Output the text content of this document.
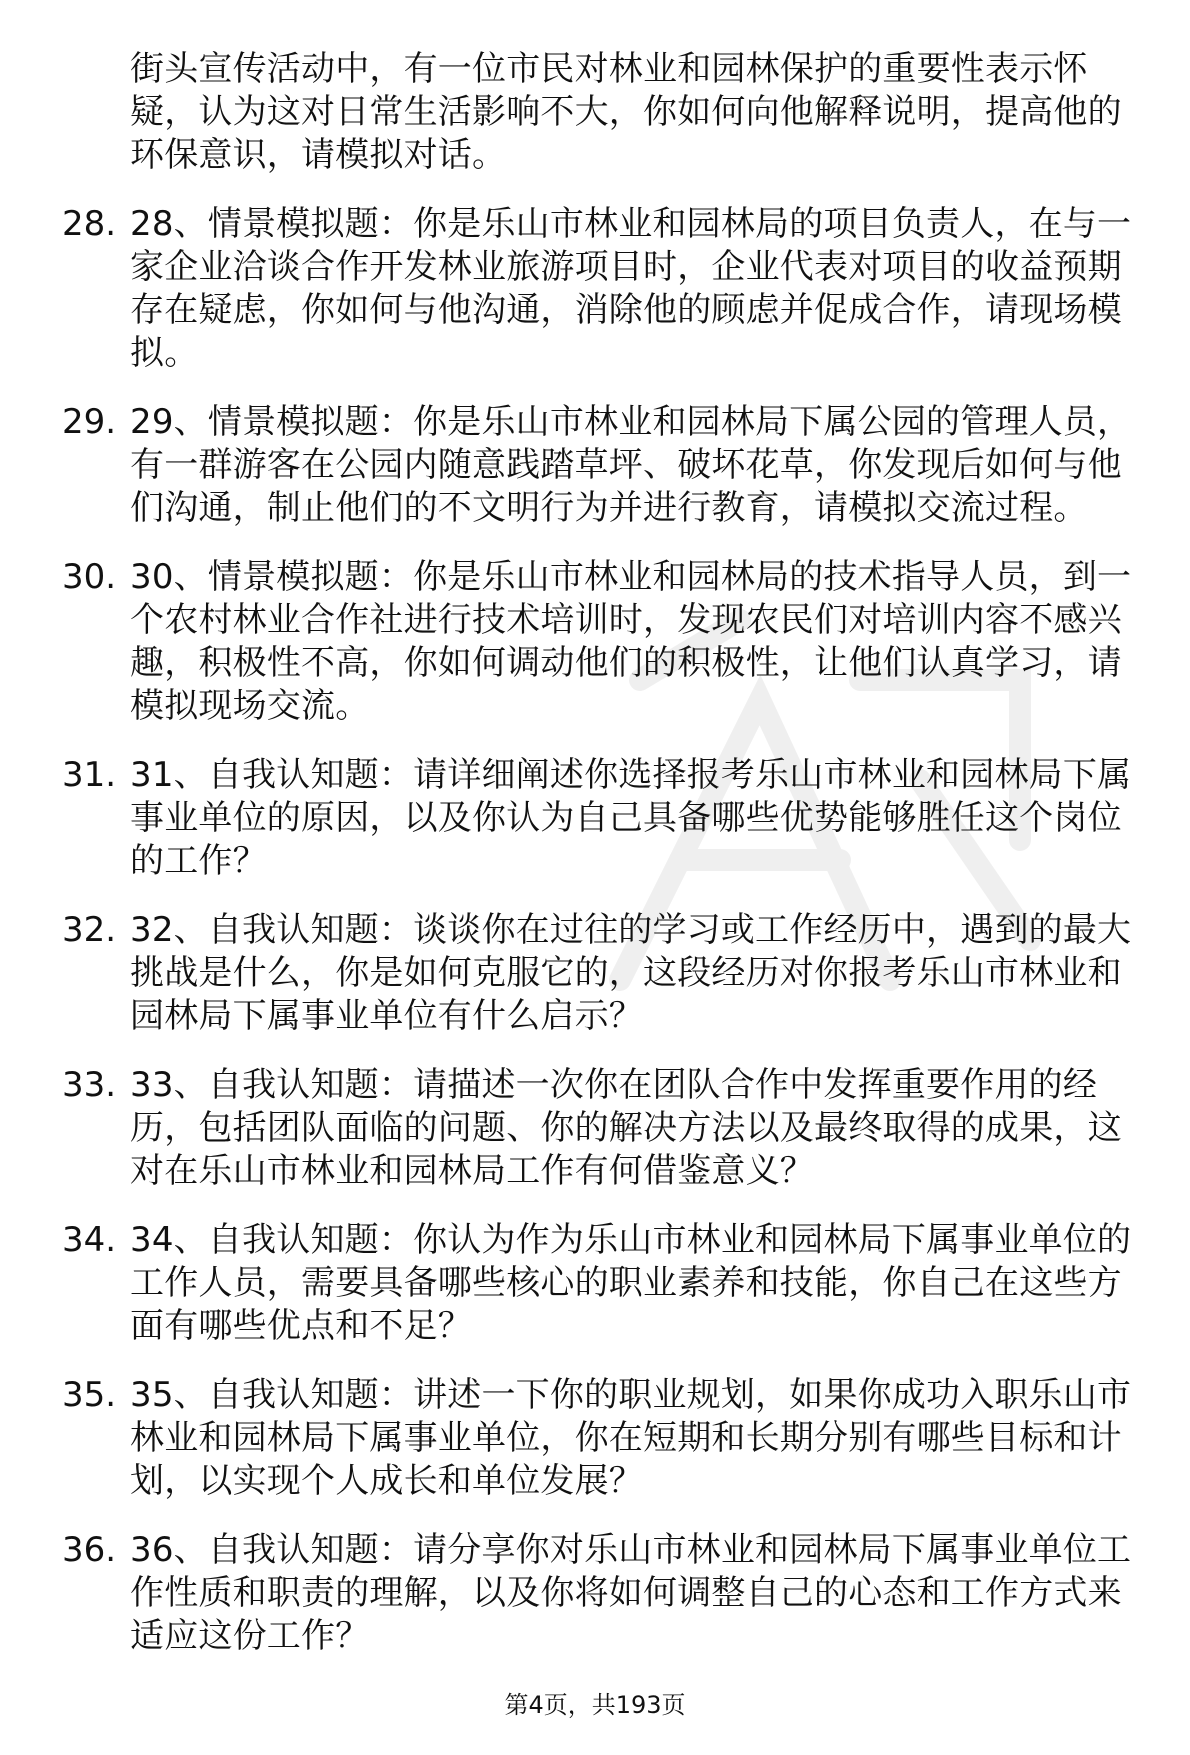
街头宣传活动中，有一位市民对林业和园林保护的重要性表示怀疑，认为这对日常生活影响不大，你如何向他解释说明，提高他的环保意识，请模拟对话。
28. 28、情景模拟题：你是乐山市林业和园林局的项目负责人，在与一家企业洽谈合作开发林业旅游项目时，企业代表对项目的收益预期存在疑虑，你如何与他沟通，消除他的顾虑并促成合作，请现场模拟。
29. 29、情景模拟题：你是乐山市林业和园林局下属公园的管理人员，有一群游客在公园内随意践踏草坪、破坏花草，你发现后如何与他们沟通，制止他们的不文明行为并进行教育，请模拟交流过程。
30. 30、情景模拟题：你是乐山市林业和园林局的技术指导人员，到一个农村林业合作社进行技术培训时，发现农民们对培训内容不感兴趣，积极性不高，你如何调动他们的积极性，让他们认真学习，请模拟现场交流。
31. 31、自我认知题：请详细阐述你选择报考乐山市林业和园林局下属事业单位的原因，以及你认为自己具备哪些优势能够胜任这个岗位的工作？
32. 32、自我认知题：谈谈你在过往的学习或工作经历中，遇到的最大挑战是什么，你是如何克服它的，这段经历对你报考乐山市林业和园林局下属事业单位有什么启示？
33. 33、自我认知题：请描述一次你在团队合作中发挥重要作用的经历，包括团队面临的问题、你的解决方法以及最终取得的成果，这对在乐山市林业和园林局工作有何借鉴意义？
34. 34、自我认知题：你认为作为乐山市林业和园林局下属事业单位的工作人员，需要具备哪些核心的职业素养和技能，你自己在这些方面有哪些优点和不足？
35. 35、自我认知题：讲述一下你的职业规划，如果你成功入职乐山市林业和园林局下属事业单位，你在短期和长期分别有哪些目标和计划，以实现个人成长和单位发展？
36. 36、自我认知题：请分享你对乐山市林业和园林局下属事业单位工作性质和职责的理解，以及你将如何调整自己的心态和工作方式来适应这份工作？
第4页，共193页
